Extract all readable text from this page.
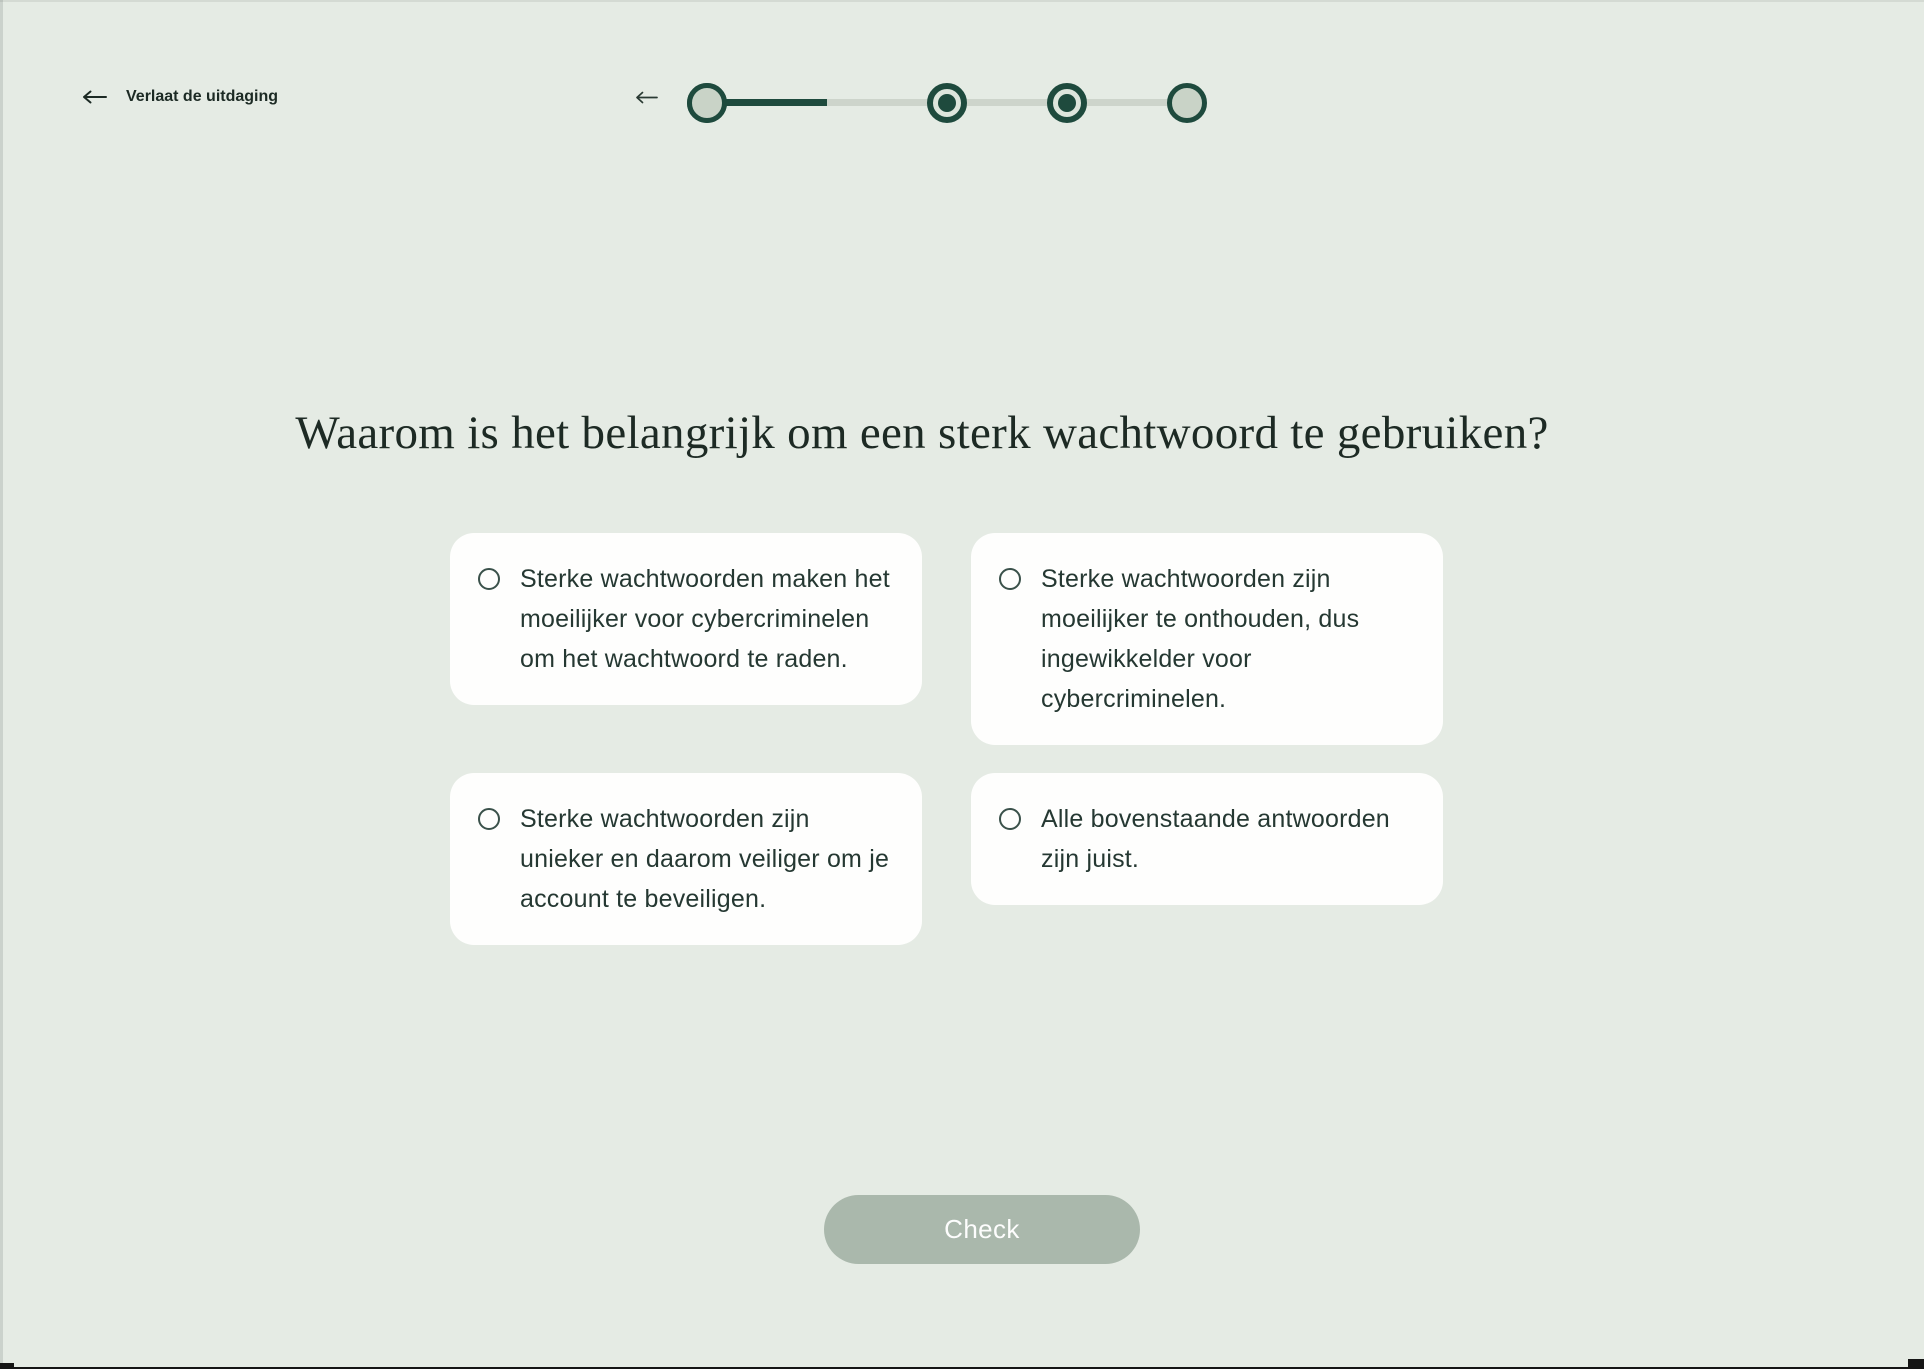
Verlaat de uitdaging
Waarom is het belangrijk om een sterk wachtwoord te gebruiken?
Sterke wachtwoorden maken het moeilijker voor cybercriminelen om het wachtwoord te raden.
Sterke wachtwoorden zijn moeilijker te onthouden, dus ingewikkelder voor cybercriminelen.
Sterke wachtwoorden zijn unieker en daarom veiliger om je account te beveiligen.
Alle bovenstaande antwoorden zijn juist.
Check
